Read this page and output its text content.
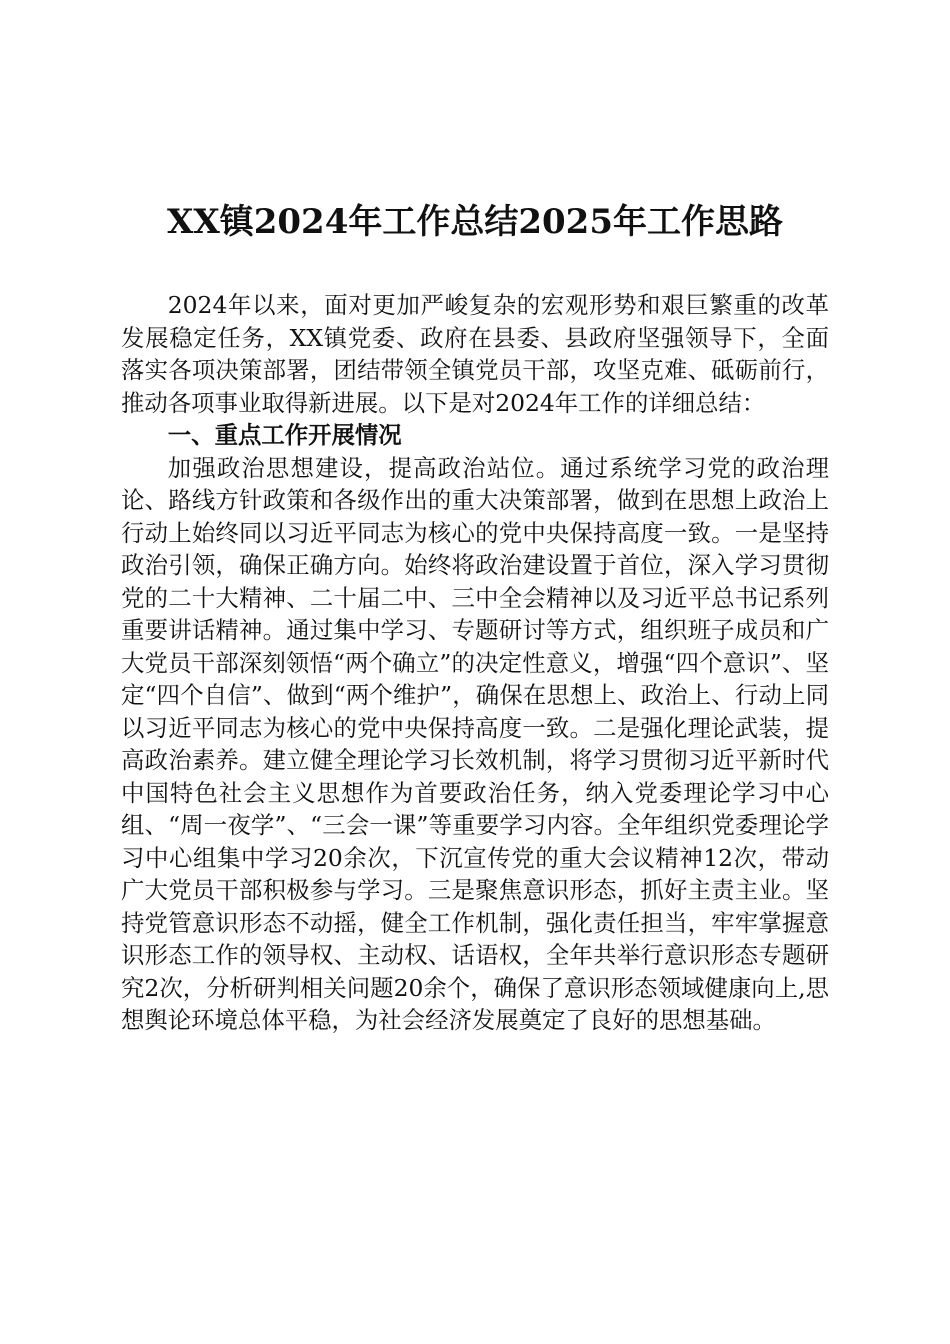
XX镇2024年工作总结2025年工作思路

2024年以来，面对更加严峻复杂的宏观形势和艰巨繁重的改革发展稳定任务，XX镇党委、政府在县委、县政府坚强领导下，全面落实各项决策部署，团结带领全镇党员干部，攻坚克难、砥砺前行，推动各项事业取得新进展。以下是对2024年工作的详细总结：

一、重点工作开展情况

加强政治思想建设，提高政治站位。通过系统学习党的政治理论、路线方针政策和各级作出的重大决策部署，做到在思想上政治上行动上始终同以习近平同志为核心的党中央保持高度一致。一是坚持政治引领，确保正确方向。始终将政治建设置于首位，深入学习贯彻党的二十大精神、二十届二中、三中全会精神以及习近平总书记系列重要讲话精神。通过集中学习、专题研讨等方式，组织班子成员和广大党员干部深刻领悟“两个确立”的决定性意义，增强“四个意识”、坚定“四个自信”、做到“两个维护”，确保在思想上、政治上、行动上同以习近平同志为核心的党中央保持高度一致。二是强化理论武装，提高政治素养。建立健全理论学习长效机制，将学习贯彻习近平新时代中国特色社会主义思想作为首要政治任务，纳入党委理论学习中心组、“周一夜学”、“三会一课”等重要学习内容。全年组织党委理论学习中心组集中学习20余次，下沉宣传党的重大会议精神12次，带动广大党员干部积极参与学习。三是聚焦意识形态，抓好主责主业。坚持党管意识形态不动摇，健全工作机制，强化责任担当，牢牢掌握意识形态工作的领导权、主动权、话语权，全年共举行意识形态专题研究2次，分析研判相关问题20余个，确保了意识形态领域健康向上,思想舆论环境总体平稳，为社会经济发展奠定了良好的思想基础。
